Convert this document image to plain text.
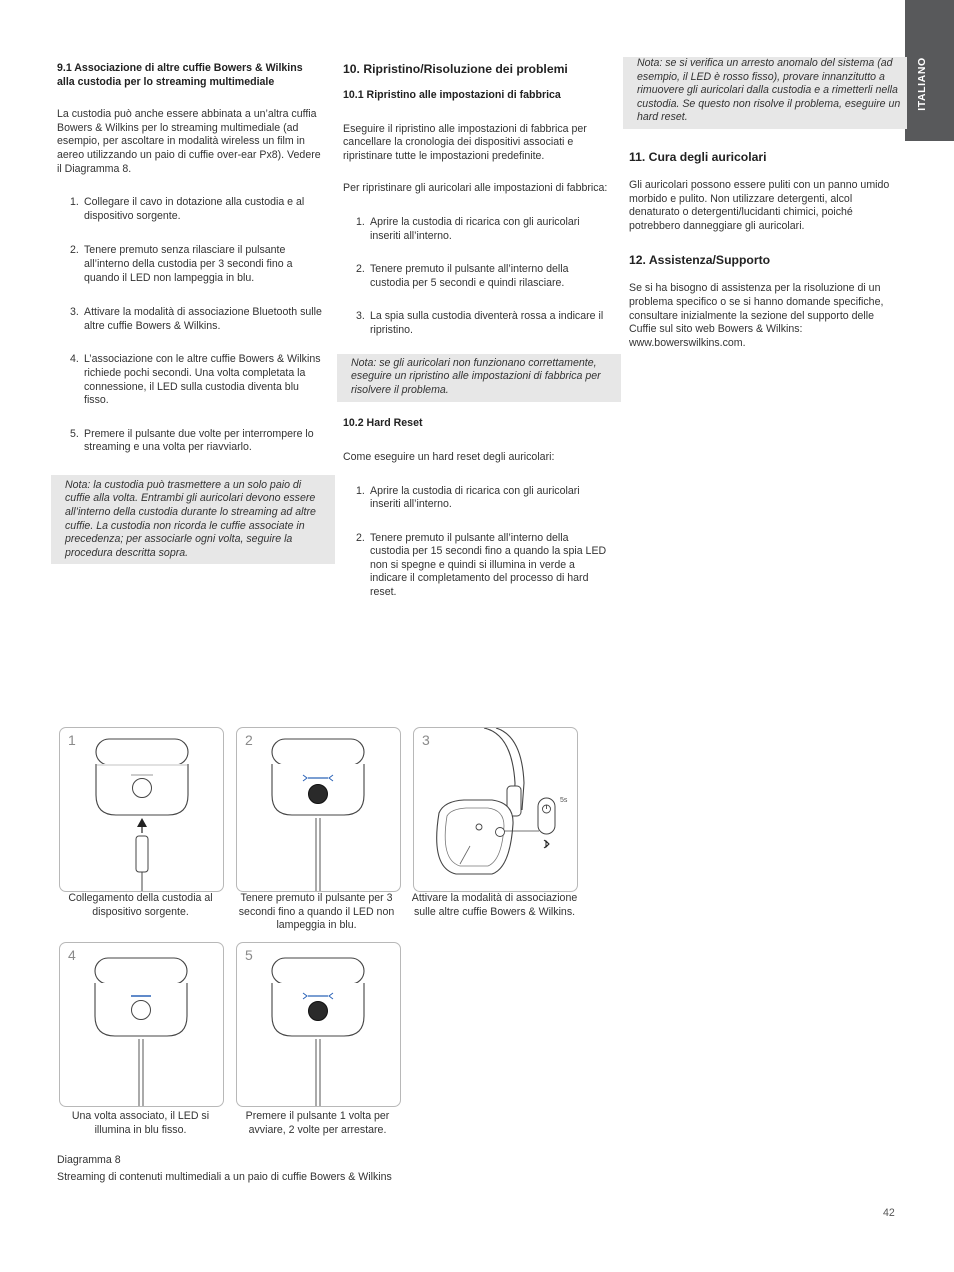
ITALIANO
9.1 Associazione di altre cuffie Bowers & Wilkins alla custodia per lo streaming multimediale

La custodia può anche essere abbinata a un’altra cuffia Bowers & Wilkins per lo streaming multimediale (ad esempio, per ascoltare in modalità wireless un film in aereo utilizzando un paio di cuffie over-ear Px8). Vedere il Diagramma 8.

1. Collegare il cavo in dotazione alla custodia e al dispositivo sorgente.
2. Tenere premuto senza rilasciare il pulsante all’interno della custodia per 3 secondi fino a quando il LED non lampeggia in blu.
3. Attivare la modalità di associazione Bluetooth sulle altre cuffie Bowers & Wilkins.
4. L’associazione con le altre cuffie Bowers & Wilkins richiede pochi secondi. Una volta completata la connessione, il LED sulla custodia diventa blu fisso.
5. Premere il pulsante due volte per interrompere lo streaming e una volta per riavviarlo.
Nota: la custodia può trasmettere a un solo paio di cuffie alla volta. Entrambi gli auricolari devono essere all’interno della custodia durante lo streaming ad altre cuffie. La custodia non ricorda le cuffie associate in precedenza; per associarle ogni volta, seguire la procedura descritta sopra.
10. Ripristino/Risoluzione dei problemi
10.1 Ripristino alle impostazioni di fabbrica

Eseguire il ripristino alle impostazioni di fabbrica per cancellare la cronologia dei dispositivi associati e ripristinare tutte le impostazioni predefinite.

Per ripristinare gli auricolari alle impostazioni di fabbrica:

1. Aprire la custodia di ricarica con gli auricolari inseriti all’interno.
2. Tenere premuto il pulsante all’interno della custodia per 5 secondi e quindi rilasciare.
3. La spia sulla custodia diventerà rossa a indicare il ripristino.
Nota: se gli auricolari non funzionano correttamente, eseguire un ripristino alle impostazioni di fabbrica per risolvere il problema.
10.2 Hard Reset

Come eseguire un hard reset degli auricolari:

1. Aprire la custodia di ricarica con gli auricolari inseriti all’interno.
2. Tenere premuto il pulsante all’interno della custodia per 15 secondi fino a quando la spia LED non si spegne e quindi si illumina in verde a indicare il completamento del processo di hard reset.
Nota: se si verifica un arresto anomalo del sistema (ad esempio, il LED è rosso fisso), provare innanzitutto a rimuovere gli auricolari dalla custodia e a rimetterli nella custodia. Se questo non risolve il problema, eseguire un hard reset.
11. Cura degli auricolari

Gli auricolari possono essere puliti con un panno umido morbido e pulito. Non utilizzare detergenti, alcol denaturato o detergenti/lucidanti chimici, poiché potrebbero danneggiare gli auricolari.

12. Assistenza/Supporto

Se si ha bisogno di assistenza per la risoluzione di un problema specifico o se si hanno domande specifiche, consultare inizialmente la sezione del supporto delle Cuffie sul sito web Bowers & Wilkins: www.bowerswilkins.com.

1
Collegamento della custodia al dispositivo sorgente.
2
Tenere premuto il pulsante per 3 secondi fino a quando il LED non lampeggia in blu.
3
5s
Attivare la modalità di associazione sulle altre cuffie Bowers & Wilkins.
4
Una volta associato, il LED si illumina in blu fisso.
5
Premere il pulsante 1 volta per avviare, 2 volte per arrestare.
Diagramma 8
Streaming di contenuti multimediali a un paio di cuffie Bowers & Wilkins
42
